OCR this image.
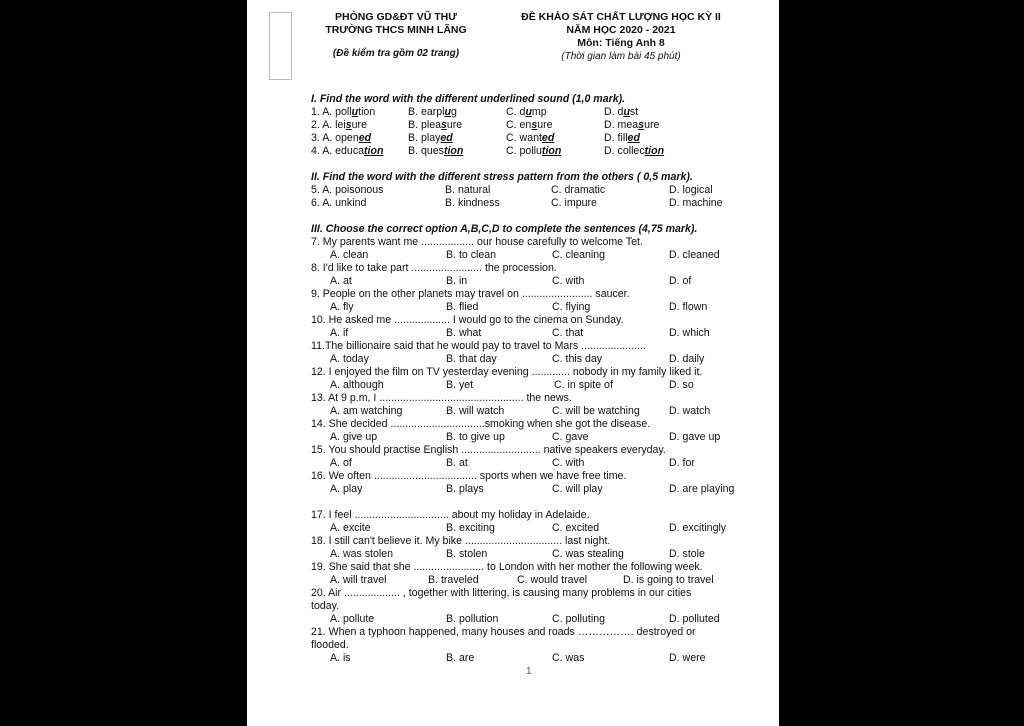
PHÒNG GD&ĐT VŨ THƯ
TRƯỜNG THCS MINH LÃNG
(Đề kiểm tra gồm 02 trang)
ĐỀ KHẢO SÁT CHẤT LƯỢNG HỌC KỲ II
NĂM HỌC 2020 - 2021
Môn: Tiếng Anh 8
(Thời gian làm bài 45 phút)
I. Find the word with the different underlined sound (1,0 mark).
II. Find the word with the different stress pattern from the others ( 0,5 mark).
III. Choose the correct option A,B,C,D to complete the sentences (4,75 mark).
1
1. A. pollution	B. earplug	C. dump	D. dust
2. A. leisure	B. pleasure	C. ensure	D. measure
3. A. opened	B. played	C. wanted	D. filled
4. A. education B. question	C. pollution	D. collection
5. A. poisonous	B. natural	C. dramatic	D. logical
6. A. unkind	B. kindness	C. impure	D. machine
7. My parents want me .................. our house carefully to welcome Tet.
A. clean	B. to clean	C. cleaning	D. cleaned
8. I'd like to take part ........................ the procession.
A. at	B. in	C. with	D. of
9. People on the other planets may travel on ........................ saucer.
A. fly	B. flied	C. flying	D. flown
10. He asked me ................... I would go to the cinema on Sunday.
A. if	B. what	C. that	D. which
11.The billionaire said that he would pay to travel to Mars ......................
A. today	B. that day	C. this day	D. daily
12. I enjoyed the film on TV yesterday evening ............. nobody in my family liked it.
A. although	B. yet	C. in spite of	D. so
13. At 9 p.m, I ................................................. the news.
A. am watching	B. will watch	C. will be watching	D. watch
14. She decided ................................smoking when she got the disease.
A. give up	B. to give up	C. gave	D. gave up
15. You should practise English ........................... native speakers everyday.
A. of	B. at	C. with	D. for
16. We often ................................... sports when we have free time.
A. play	B. plays	C. will play	D. are playing
17. I feel ................................ about my holiday in Adelaide.
A. excite	B. exciting	C. excited	D. excitingly
18. I still can't believe it. My bike ................................. last night.
A. was stolen	B. stolen	C. was stealing	D. stole
19. She said that she ........................ to London with her mother the following week.
A. will travel	B. traveled	C. would travel	D. is going to travel
20. Air ................... , together with littering, is causing many problems in our cities
today.
A. pollute	B. pollution	C. polluting	D. polluted
21. When a typhoon happened, many houses and roads ……………. destroyed or
flooded.
A. is	B. are	C. was	D. were
